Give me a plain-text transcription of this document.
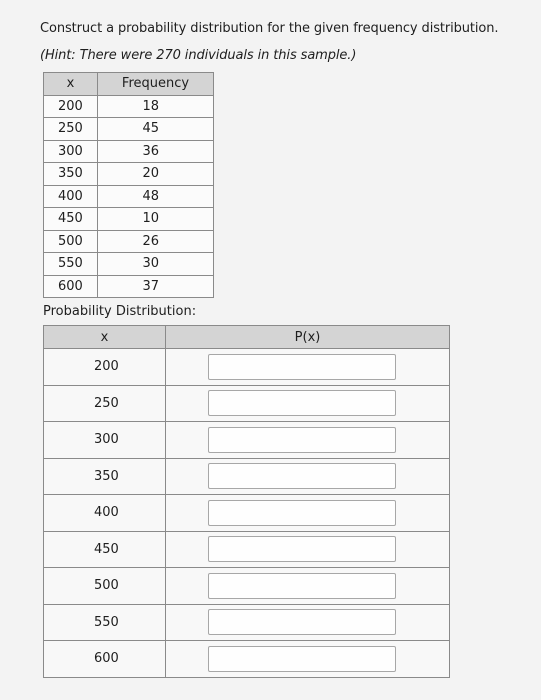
Construct a probability distribution for the given frequency distribution.
(Hint: There were 270 individuals in this sample.)
x	Frequency
200	18
250	45
300	36
350	20
400	48
450	10
500	26
550	30
600	37
Probability Distribution:
x	P(x)
200	
250	
300	
350	
400	
450	
500	
550	
600	
